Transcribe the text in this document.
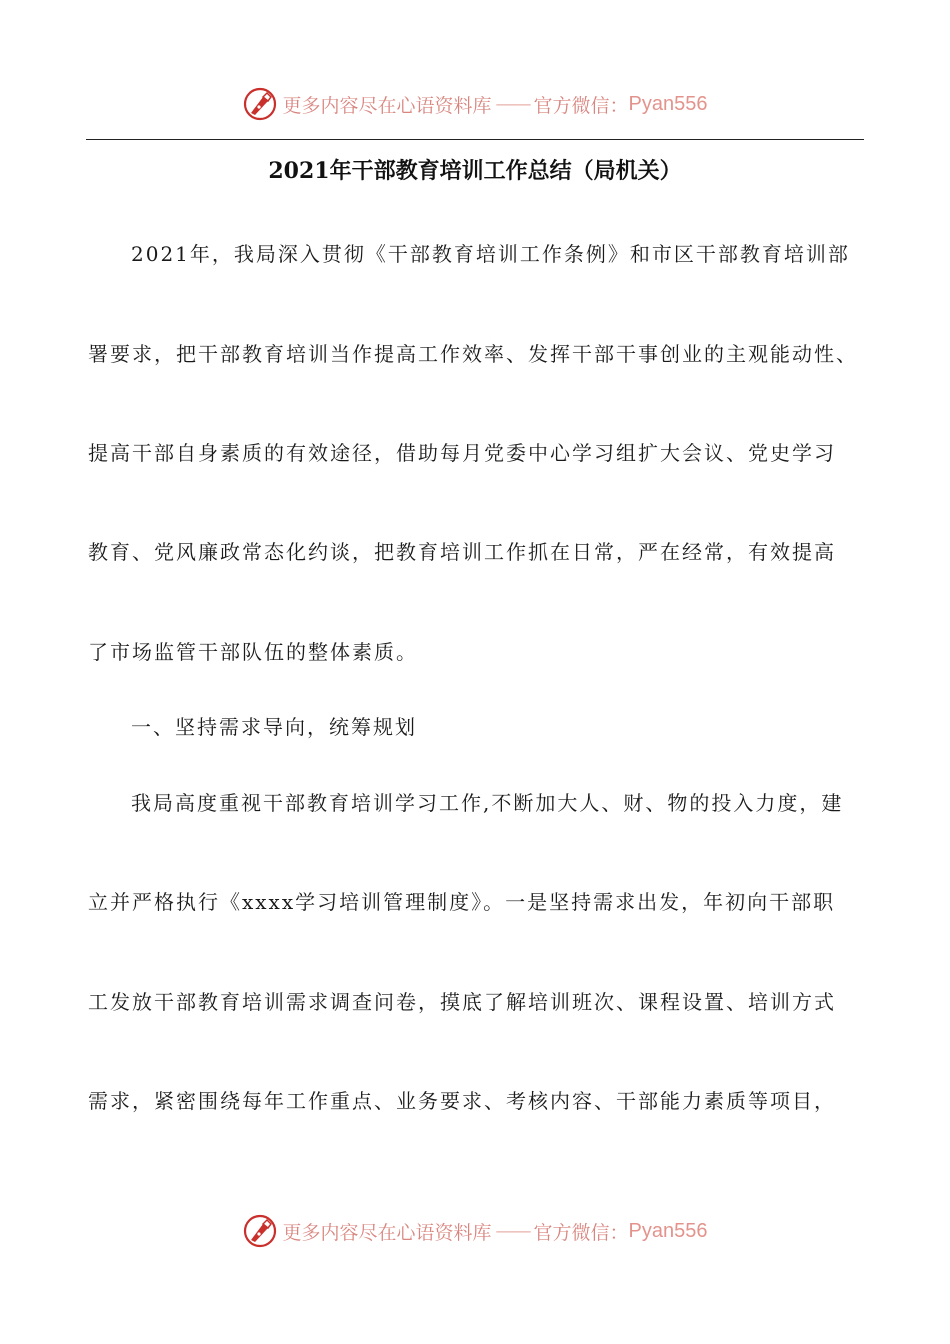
更多内容尽在心语资料库 —— 官方微信： Pyan556
2021年干部教育培训工作总结（局机关）
2021年，我局深入贯彻《干部教育培训工作条例》和市区干部教育培训部
署要求，把干部教育培训当作提高工作效率、发挥干部干事创业的主观能动性、
提高干部自身素质的有效途径，借助每月党委中心学习组扩大会议、党史学习
教育、党风廉政常态化约谈，把教育培训工作抓在日常，严在经常，有效提高
了市场监管干部队伍的整体素质。
一、坚持需求导向，统筹规划
我局高度重视干部教育培训学习工作,不断加大人、财、物的投入力度，建
立并严格执行《xxxx学习培训管理制度》。一是坚持需求出发，年初向干部职
工发放干部教育培训需求调查问卷，摸底了解培训班次、课程设置、培训方式
需求，紧密围绕每年工作重点、业务要求、考核内容、干部能力素质等项目，
更多内容尽在心语资料库 —— 官方微信： Pyan556
